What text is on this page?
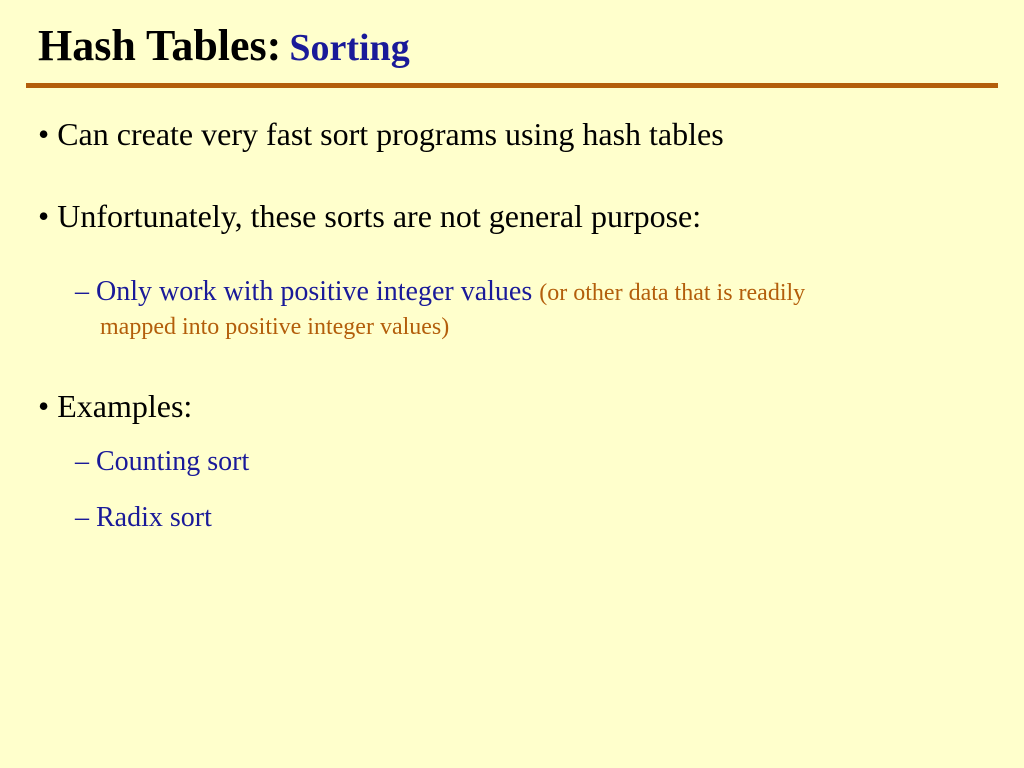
Hash Tables: Sorting
• Can create very fast sort programs using hash tables
• Unfortunately, these sorts are not general purpose:
– Only work with positive integer values (or other data that is readily
mapped into positive integer values)
• Examples:
– Counting sort
– Radix sort
